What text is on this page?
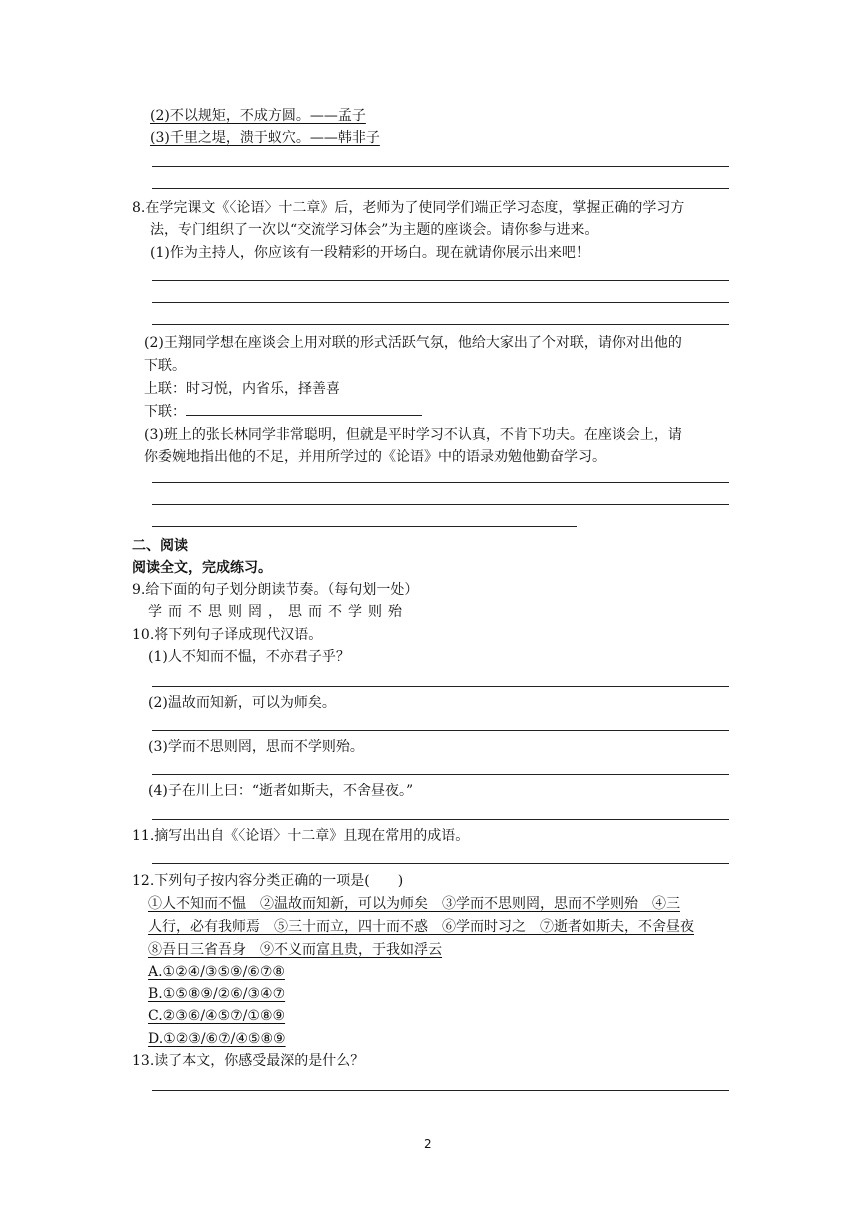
(2)不以规矩，不成方圆。——孟子
(3)千里之堤，溃于蚁穴。——韩非子
8.在学完课文《〈论语〉十二章》后，老师为了使同学们端正学习态度，掌握正确的学习方
法，专门组织了一次以“交流学习体会”为主题的座谈会。请你参与进来。
(1)作为主持人，你应该有一段精彩的开场白。现在就请你展示出来吧！
(2)王翔同学想在座谈会上用对联的形式活跃气氛，他给大家出了个对联，请你对出他的
下联。
上联：时习悦，内省乐，择善喜
下联：
(3)班上的张长林同学非常聪明，但就是平时学习不认真，不肯下功夫。在座谈会上，请
你委婉地指出他的不足，并用所学过的《论语》中的语录劝勉他勤奋学习。
二、阅读
阅读全文，完成练习。
9.给下面的句子划分朗读节奏。（每句划一处）
学而不思则罔，思而不学则殆
10.将下列句子译成现代汉语。
(1)人不知而不愠，不亦君子乎？
(2)温故而知新，可以为师矣。
(3)学而不思则罔，思而不学则殆。
(4)子在川上曰：“逝者如斯夫，不舍昼夜。”
11.摘写出出自《〈论语〉十二章》且现在常用的成语。
12.下列句子按内容分类正确的一项是(　　)
①人不知而不愠　②温故而知新，可以为师矣　③学而不思则罔，思而不学则殆　④三
人行，必有我师焉　⑤三十而立，四十而不惑　⑥学而时习之　⑦逝者如斯夫，不舍昼夜
⑧吾日三省吾身　⑨不义而富且贵，于我如浮云
A.①②④/③⑤⑨/⑥⑦⑧
B.①⑤⑧⑨/②⑥/③④⑦
C.②③⑥/④⑤⑦/①⑧⑨
D.①②③/⑥⑦/④⑤⑧⑨
13.读了本文，你感受最深的是什么？
2
